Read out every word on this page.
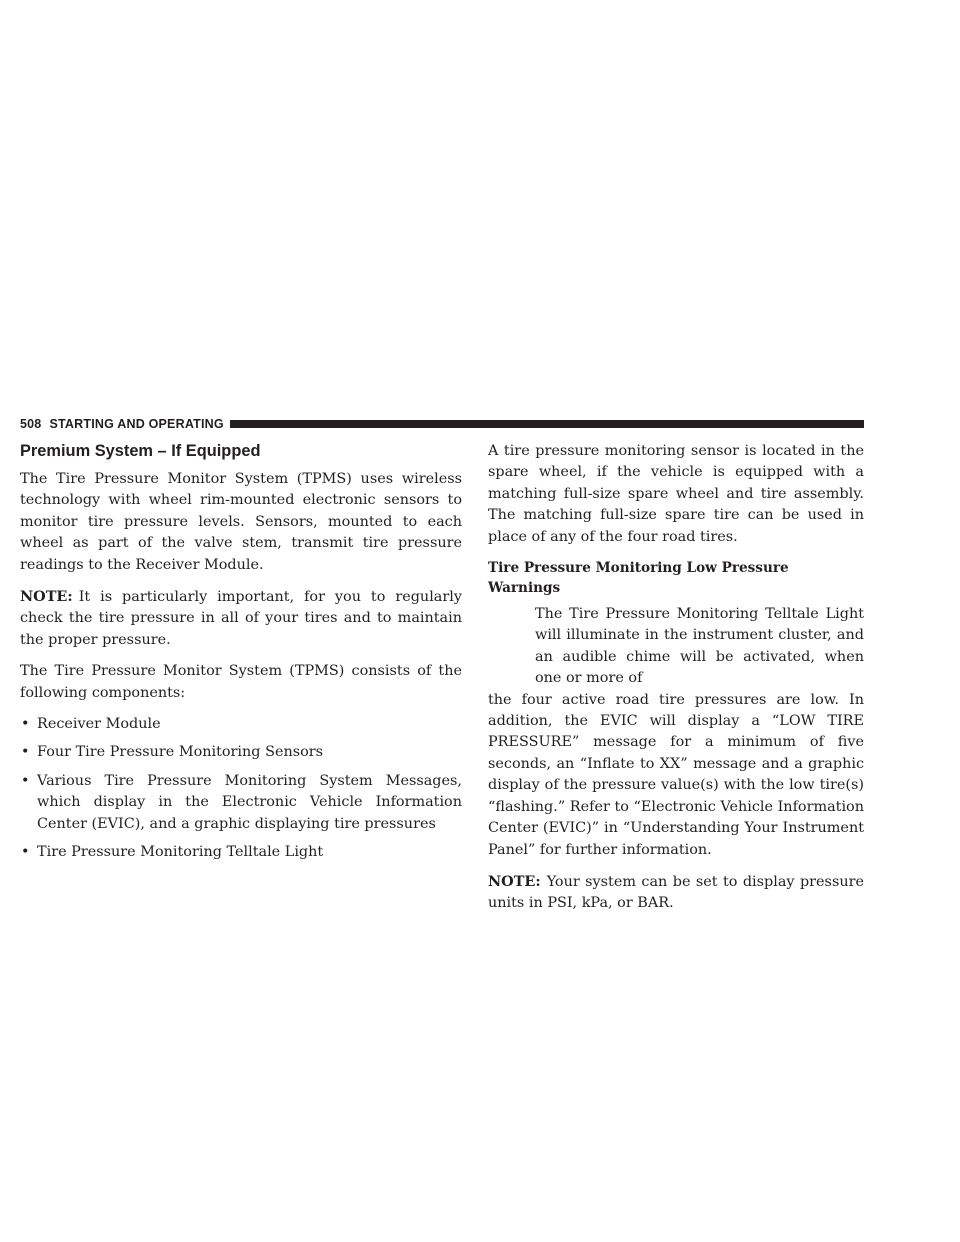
508 STARTING AND OPERATING
Premium System – If Equipped

The Tire Pressure Monitor System (TPMS) uses wireless technology with wheel rim-mounted electronic sensors to monitor tire pressure levels. Sensors, mounted to each wheel as part of the valve stem, transmit tire pressure readings to the Receiver Module.

NOTE: It is particularly important, for you to regularly check the tire pressure in all of your tires and to maintain the proper pressure.

The Tire Pressure Monitor System (TPMS) consists of the following components:

• Receiver Module
• Four Tire Pressure Monitoring Sensors
• Various Tire Pressure Monitoring System Messages, which display in the Electronic Vehicle Information Center (EVIC), and a graphic displaying tire pressures
• Tire Pressure Monitoring Telltale Light

A tire pressure monitoring sensor is located in the spare wheel, if the vehicle is equipped with a matching full-size spare wheel and tire assembly. The matching full-size spare tire can be used in place of any of the four road tires.

Tire Pressure Monitoring Low Pressure Warnings

The Tire Pressure Monitoring Telltale Light will illuminate in the instrument cluster, and an audible chime will be activated, when one or more of
the four active road tire pressures are low. In addition, the EVIC will display a “LOW TIRE PRESSURE” message for a minimum of five seconds, an “Inflate to XX” message and a graphic display of the pressure value(s) with the low tire(s) “flashing.” Refer to “Electronic Vehicle Information Center (EVIC)” in “Understanding Your Instrument Panel” for further information.

NOTE: Your system can be set to display pressure units in PSI, kPa, or BAR.
